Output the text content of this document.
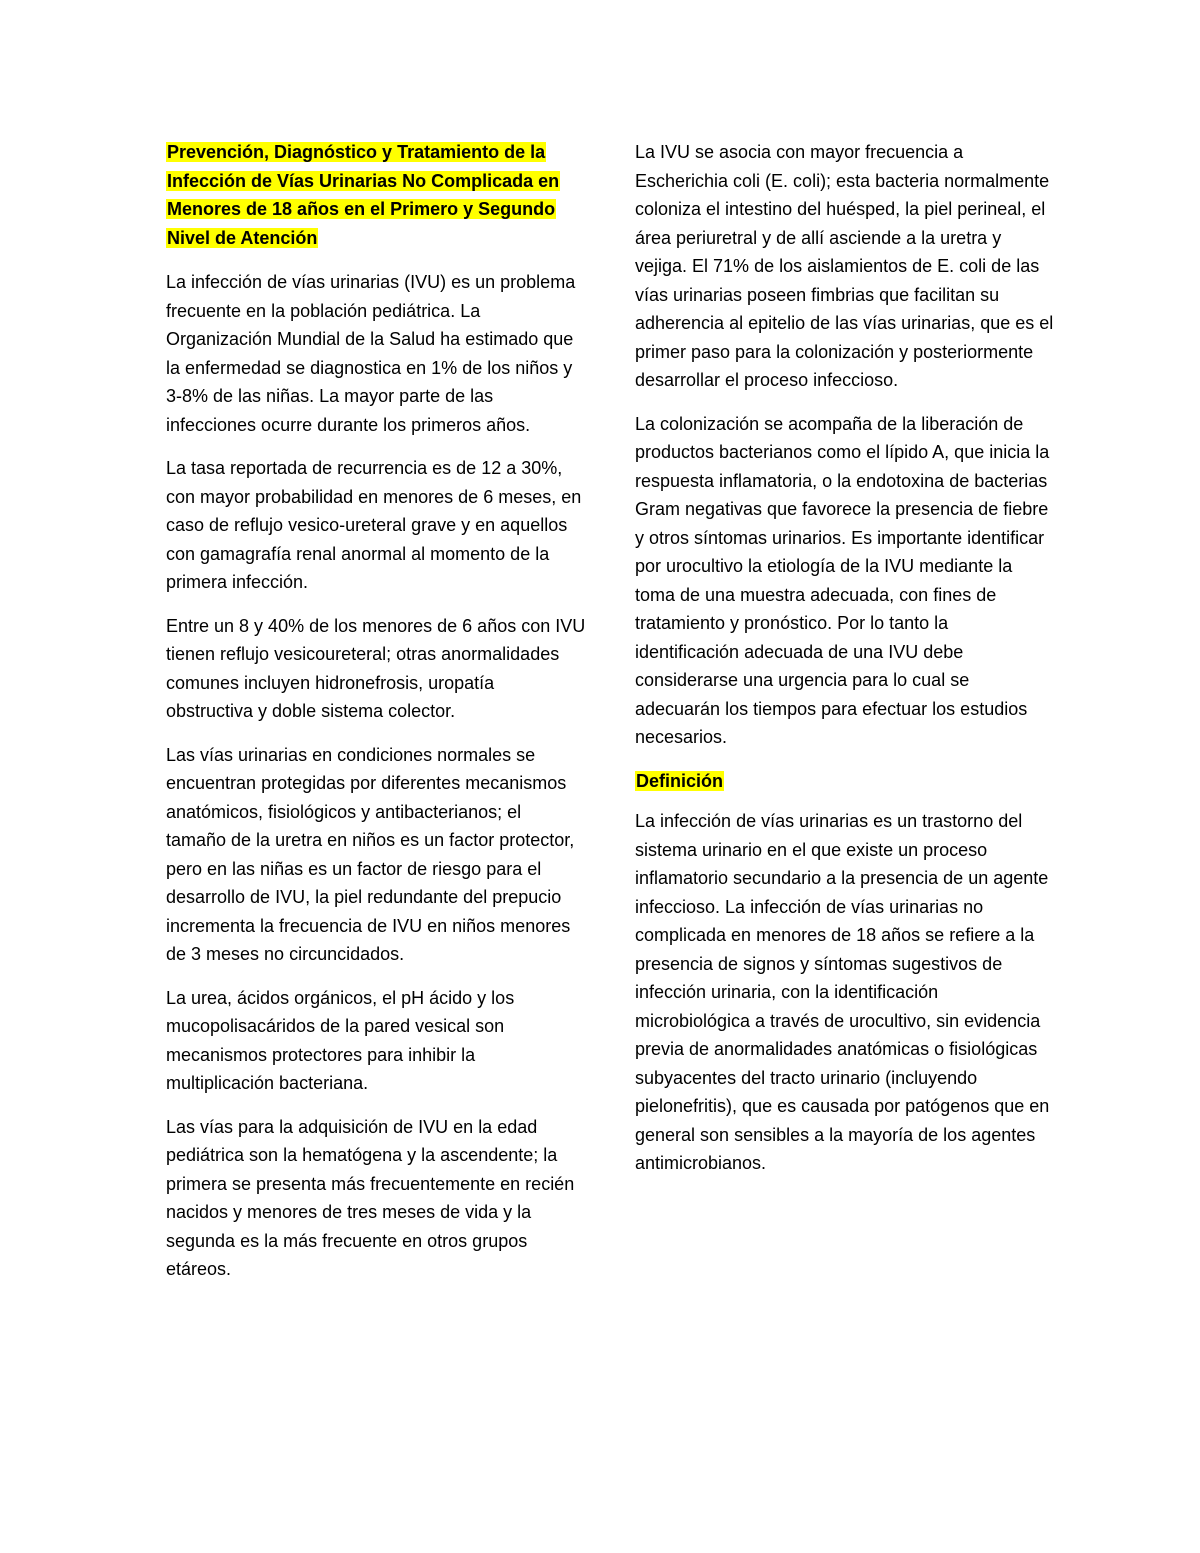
Prevención, Diagnóstico y Tratamiento de la Infección de Vías Urinarias No Complicada en Menores de 18 años en el Primero y Segundo Nivel de Atención

La infección de vías urinarias (IVU) es un problema frecuente en la población pediátrica. La Organización Mundial de la Salud ha estimado que la enfermedad se diagnostica en 1% de los niños y 3-8% de las niñas. La mayor parte de las infecciones ocurre durante los primeros años.

La tasa reportada de recurrencia es de 12 a 30%, con mayor probabilidad en menores de 6 meses, en caso de reflujo vesico-ureteral grave y en aquellos con gamagrafía renal anormal al momento de la primera infección.

Entre un 8 y 40% de los menores de 6 años con IVU tienen reflujo vesicoureteral; otras anormalidades comunes incluyen hidronefrosis, uropatía obstructiva y doble sistema colector.

Las vías urinarias en condiciones normales se encuentran protegidas por diferentes mecanismos anatómicos, fisiológicos y antibacterianos; el tamaño de la uretra en niños es un factor protector, pero en las niñas es un factor de riesgo para el desarrollo de IVU, la piel redundante del prepucio incrementa la frecuencia de IVU en niños menores de 3 meses no circuncidados.

La urea, ácidos orgánicos, el pH ácido y los mucopolisacáridos de la pared vesical son mecanismos protectores para inhibir la multiplicación bacteriana.

Las vías para la adquisición de IVU en la edad pediátrica son la hematógena y la ascendente; la primera se presenta más frecuentemente en recién nacidos y menores de tres meses de vida y la segunda es la más frecuente en otros grupos etáreos.

La IVU se asocia con mayor frecuencia a Escherichia coli (E. coli); esta bacteria normalmente coloniza el intestino del huésped, la piel perineal, el área periuretral y de allí asciende a la uretra y vejiga. El 71% de los aislamientos de E. coli de las vías urinarias poseen fimbrias que facilitan su adherencia al epitelio de las vías urinarias, que es el primer paso para la colonización y posteriormente desarrollar el proceso infeccioso.

La colonización se acompaña de la liberación de productos bacterianos como el lípido A, que inicia la respuesta inflamatoria, o la endotoxina de bacterias Gram negativas que favorece la presencia de fiebre y otros síntomas urinarios. Es importante identificar por urocultivo la etiología de la IVU mediante la toma de una muestra adecuada, con fines de tratamiento y pronóstico. Por lo tanto la identificación adecuada de una IVU debe considerarse una urgencia para lo cual se adecuarán los tiempos para efectuar los estudios necesarios.

Definición

La infección de vías urinarias es un trastorno del sistema urinario en el que existe un proceso inflamatorio secundario a la presencia de un agente infeccioso. La infección de vías urinarias no complicada en menores de 18 años se refiere a la presencia de signos y síntomas sugestivos de infección urinaria, con la identificación microbiológica a través de urocultivo, sin evidencia previa de anormalidades anatómicas o fisiológicas subyacentes del tracto urinario (incluyendo pielonefritis), que es causada por patógenos que en general son sensibles a la mayoría de los agentes antimicrobianos.
